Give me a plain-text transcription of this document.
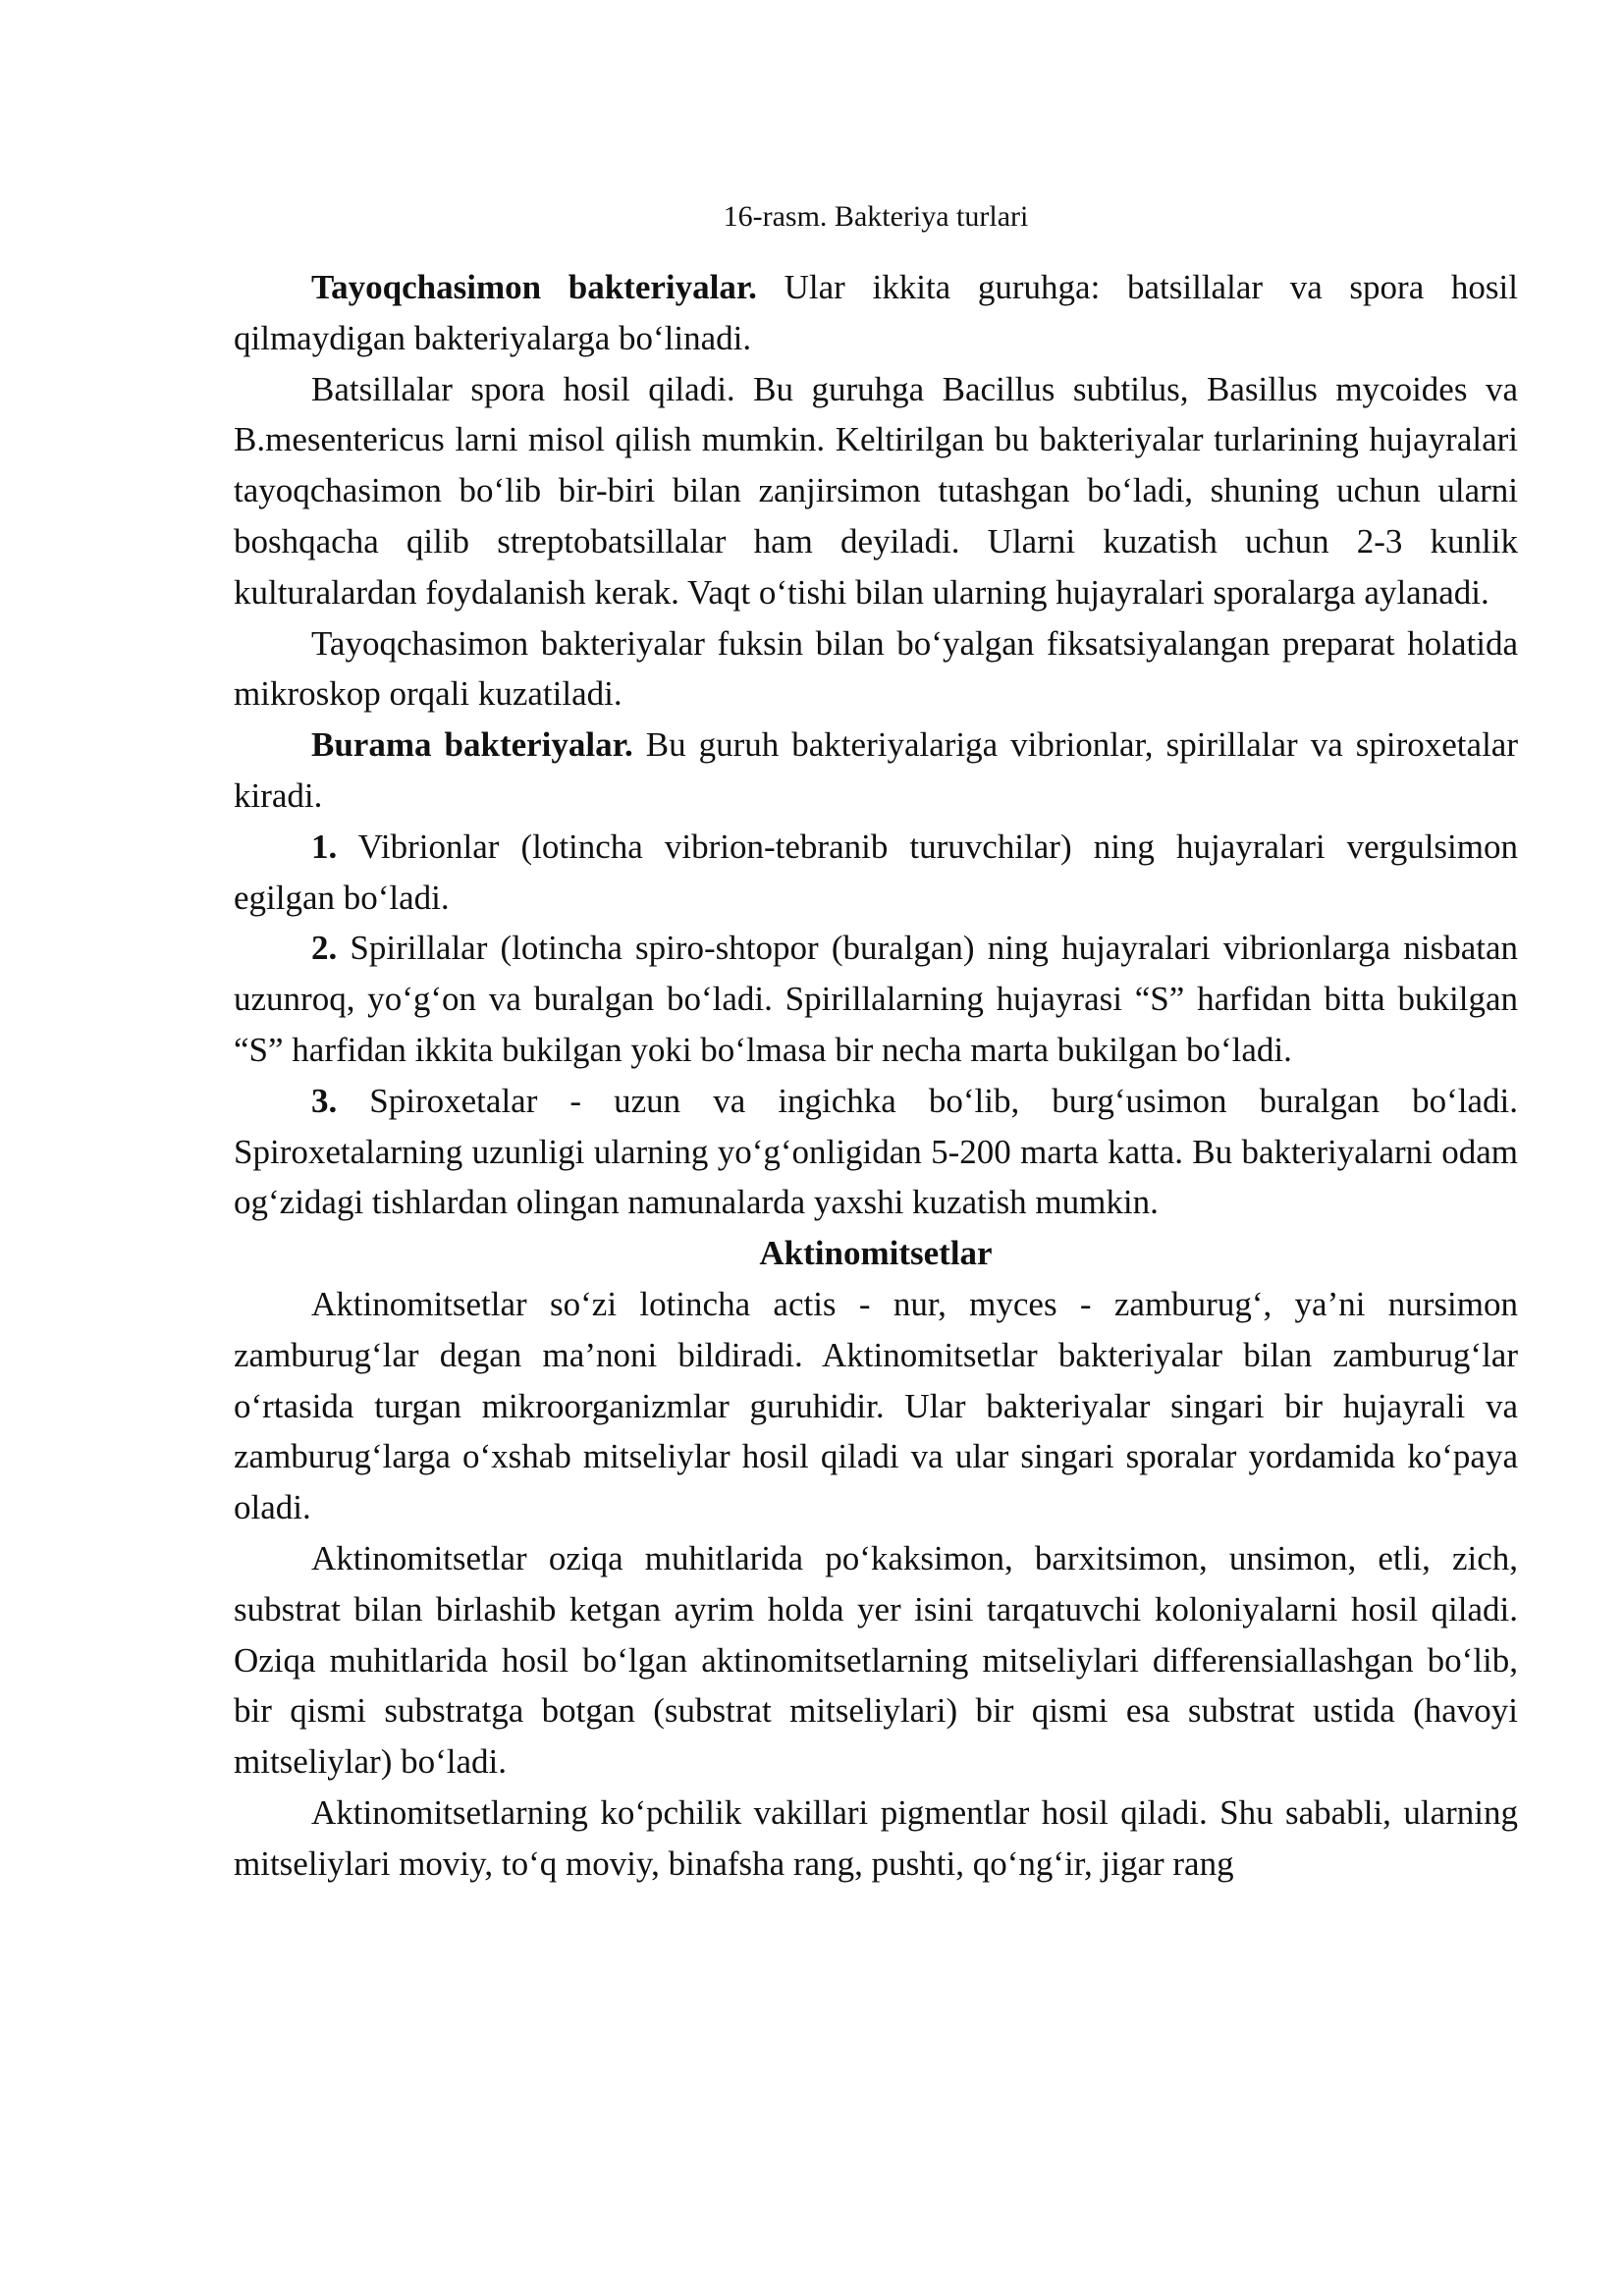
16-rasm. Bakteriya turlari

Tayoqchasimon bakteriyalar. Ular ikkita guruhga: batsillalar va spora hosil qilmaydigan bakteriyalarga bo‘linadi.

Batsillalar spora hosil qiladi. Bu guruhga Bacillus subtilus, Basillus mycoides va B.mesentericus larni misol qilish mumkin. Keltirilgan bu bakteriyalar turlarining hujayralari tayoqchasimon bo‘lib bir-biri bilan zanjirsimon tutashgan bo‘ladi, shuning uchun ularni boshqacha qilib streptobatsillalar ham deyiladi. Ularni kuzatish uchun 2-3 kunlik kulturalardan foydalanish kerak. Vaqt o‘tishi bilan ularning hujayralari sporalarga aylanadi.

Tayoqchasimon bakteriyalar fuksin bilan bo‘yalgan fiksatsiyalangan preparat holatida mikroskop orqali kuzatiladi.

Burama bakteriyalar. Bu guruh bakteriyalariga vibrionlar, spirillalar va spiroxetalar kiradi.

1. Vibrionlar (lotincha vibrion-tebranib turuvchilar) ning hujayralari vergulsimon egilgan bo‘ladi.

2. Spirillalar (lotincha spiro-shtopor (buralgan) ning hujayralari vibrionlarga nisbatan uzunroq, yo‘g‘on va buralgan bo‘ladi. Spirillalarning hujayrasi “S” harfidan bitta bukilgan “S” harfidan ikkita bukilgan yoki bo‘lmasa bir necha marta bukilgan bo‘ladi.

3. Spiroxetalar - uzun va ingichka bo‘lib, burg‘usimon buralgan bo‘ladi. Spiroxetalarning uzunligi ularning yo‘g‘onligidan 5-200 marta katta. Bu bakteriyalarni odam og‘zidagi tishlardan olingan namunalarda yaxshi kuzatish mumkin.

Aktinomitsetlar

Aktinomitsetlar so‘zi lotincha actis - nur, myces - zamburug‘, ya’ni nursimon zamburug‘lar degan ma’noni bildiradi. Aktinomitsetlar bakteriyalar bilan zamburug‘lar o‘rtasida turgan mikroorganizmlar guruhidir. Ular bakteriyalar singari bir hujayrali va zamburug‘larga o‘xshab mitseliylar hosil qiladi va ular singari sporalar yordamida ko‘paya oladi.

Aktinomitsetlar oziqa muhitlarida po‘kaksimon, barxitsimon, unsimon, etli, zich, substrat bilan birlashib ketgan ayrim holda yer isini tarqatuvchi koloniyalarni hosil qiladi. Oziqa muhitlarida hosil bo‘lgan aktinomitsetlarning mitseliylari differensiallashgan bo‘lib, bir qismi substratga botgan (substrat mitseliylari) bir qismi esa substrat ustida (havoyi mitseliylar) bo‘ladi.

Aktinomitsetlarning ko‘pchilik vakillari pigmentlar hosil qiladi. Shu sababli, ularning mitseliylari moviy, to‘q moviy, binafsha rang, pushti, qo‘ng‘ir, jigar rang
